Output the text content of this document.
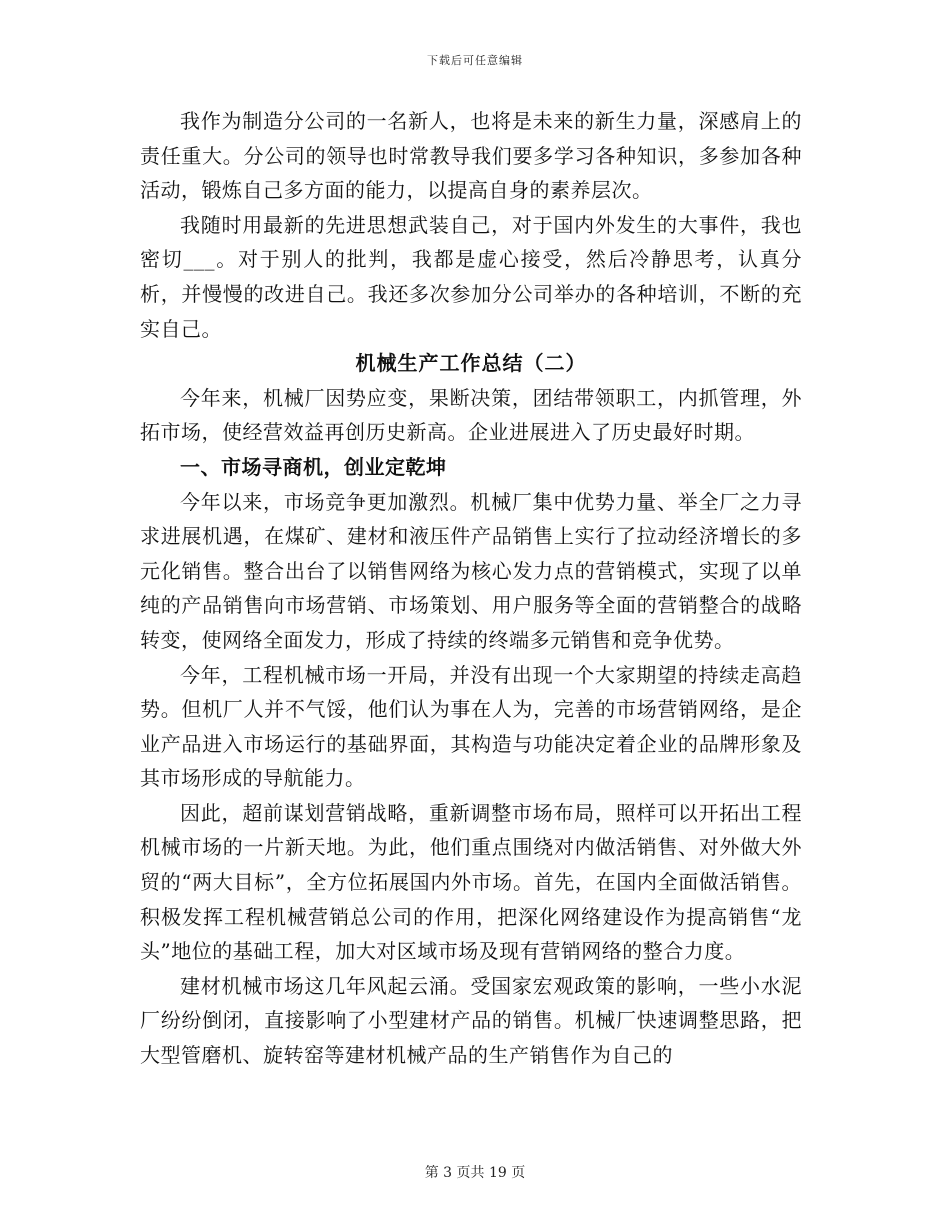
下载后可任意编辑

我作为制造分公司的一名新人，也将是未来的新生力量，深感肩上的责任重大。分公司的领导也时常教导我们要多学习各种知识，多参加各种活动，锻炼自己多方面的能力，以提高自身的素养层次。

我随时用最新的先进思想武装自己，对于国内外发生的大事件，我也密切___。对于别人的批判，我都是虚心接受，然后冷静思考，认真分析，并慢慢的改进自己。我还多次参加分公司举办的各种培训，不断的充实自己。

机械生产工作总结（二）

今年来，机械厂因势应变，果断决策，团结带领职工，内抓管理，外拓市场，使经营效益再创历史新高。企业进展进入了历史最好时期。

一、市场寻商机，创业定乾坤

今年以来，市场竞争更加激烈。机械厂集中优势力量、举全厂之力寻求进展机遇，在煤矿、建材和液压件产品销售上实行了拉动经济增长的多元化销售。整合出台了以销售网络为核心发力点的营销模式，实现了以单纯的产品销售向市场营销、市场策划、用户服务等全面的营销整合的战略转变，使网络全面发力，形成了持续的终端多元销售和竞争优势。

今年，工程机械市场一开局，并没有出现一个大家期望的持续走高趋势。但机厂人并不气馁，他们认为事在人为，完善的市场营销网络，是企业产品进入市场运行的基础界面，其构造与功能决定着企业的品牌形象及其市场形成的导航能力。

因此，超前谋划营销战略，重新调整市场布局，照样可以开拓出工程机械市场的一片新天地。为此，他们重点围绕对内做活销售、对外做大外贸的“两大目标”，全方位拓展国内外市场。首先，在国内全面做活销售。积极发挥工程机械营销总公司的作用，把深化网络建设作为提高销售“龙头”地位的基础工程，加大对区域市场及现有营销网络的整合力度。

建材机械市场这几年风起云涌。受国家宏观政策的影响，一些小水泥厂纷纷倒闭，直接影响了小型建材产品的销售。机械厂快速调整思路，把大型管磨机、旋转窑等建材机械产品的生产销售作为自己的

第 3 页共 19 页
